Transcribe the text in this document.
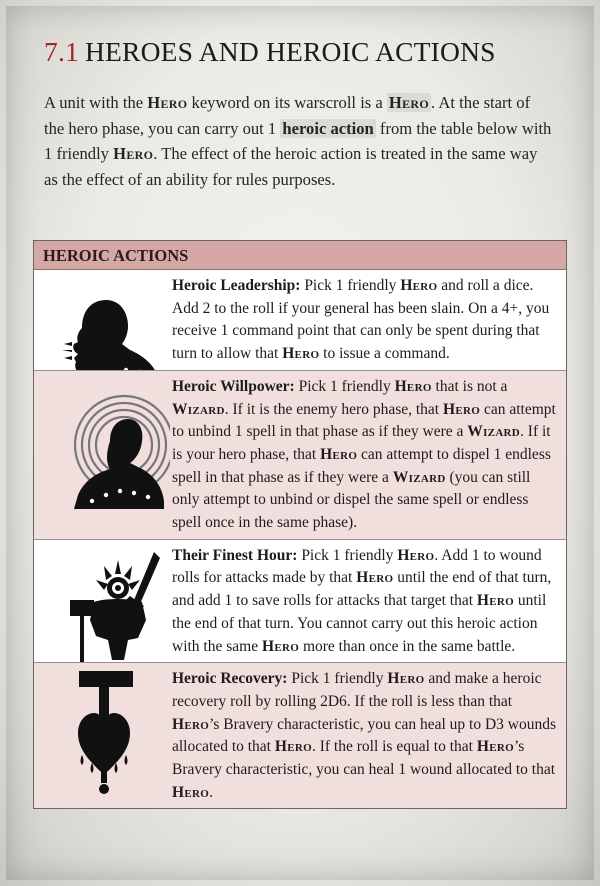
7.1 HEROES AND HEROIC ACTIONS
A unit with the Hero keyword on its warscroll is a Hero . At the start of the hero phase, you can carry out 1 heroic action from the table below with 1 friendly Hero. The effect of the heroic action is treated in the same way as the effect of an ability for rules purposes.
HEROIC ACTIONS
Heroic Leadership: Pick 1 friendly Hero and roll a dice. Add 2 to the roll if your general has been slain. On a 4+, you receive 1 command point that can only be spent during that turn to allow that Hero to issue a command.
Heroic Willpower: Pick 1 friendly Hero that is not a Wizard. If it is the enemy hero phase, that Hero can attempt to unbind 1 spell in that phase as if they were a Wizard. If it is your hero phase, that Hero can attempt to dispel 1 endless spell in that phase as if they were a Wizard (you can still only attempt to unbind or dispel the same spell or endless spell once in the same phase).
Their Finest Hour: Pick 1 friendly Hero. Add 1 to wound rolls for attacks made by that Hero until the end of that turn, and add 1 to save rolls for attacks that target that Hero until the end of that turn. You cannot carry out this heroic action with the same Hero more than once in the same battle.
Heroic Recovery: Pick 1 friendly Hero and make a heroic recovery roll by rolling 2D6. If the roll is less than that Hero’s Bravery characteristic, you can heal up to D3 wounds allocated to that Hero. If the roll is equal to that Hero’s Bravery characteristic, you can heal 1 wound allocated to that Hero.
